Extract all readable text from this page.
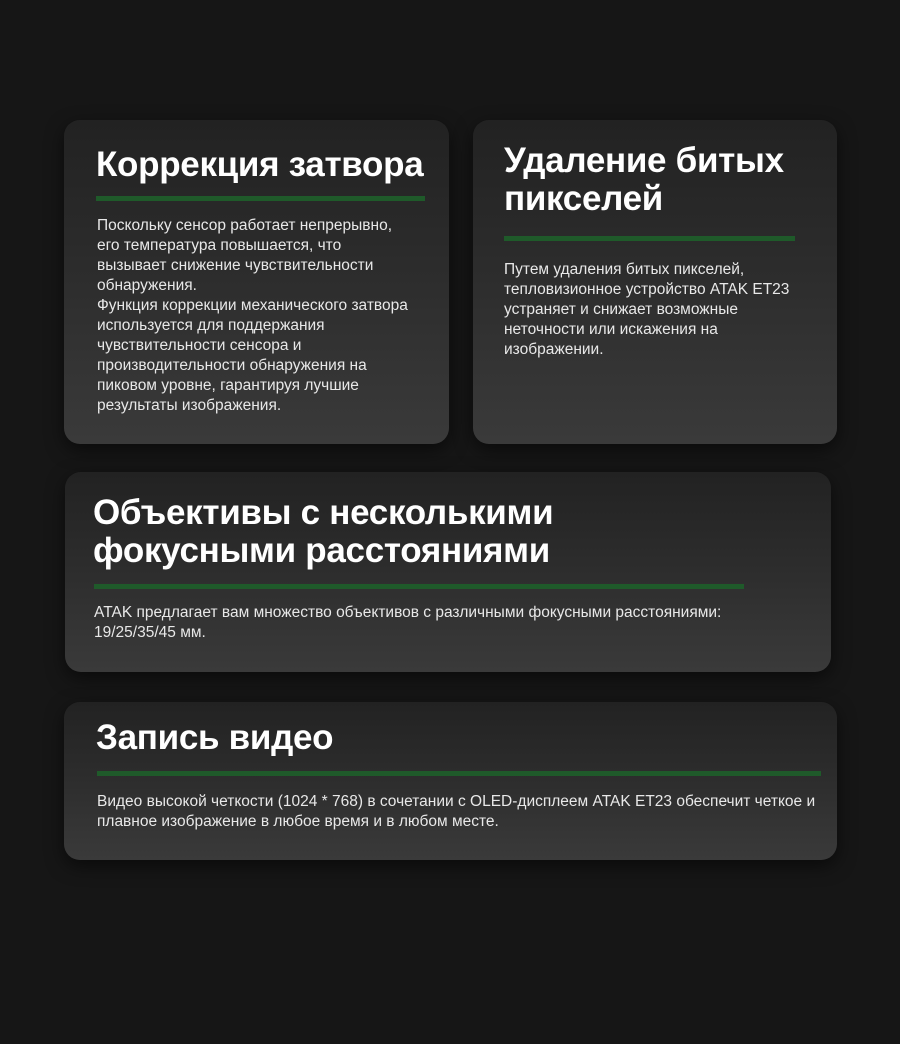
Коррекция затвора

Поскольку сенсор работает непрерывно,
его температура повышается, что
вызывает снижение чувствительности
обнаружения.
Функция коррекции механического затвора
используется для поддержания
чувствительности сенсора и
производительности обнаружения на
пиковом уровне, гарантируя лучшие
результаты изображения.

Удаление битых
пикселей

Путем удаления битых пикселей,
тепловизионное устройство ATAK ET23
устраняет и снижает возможные
неточности или искажения на
изображении.

Объективы с несколькими
фокусными расстояниями

ATAK предлагает вам множество объективов с различными фокусными расстояниями:
19/25/35/45 мм.

Запись видео

Видео высокой четкости (1024 * 768) в сочетании с OLED-дисплеем ATAK ET23 обеспечит четкое и
плавное изображение в любое время и в любом месте.
